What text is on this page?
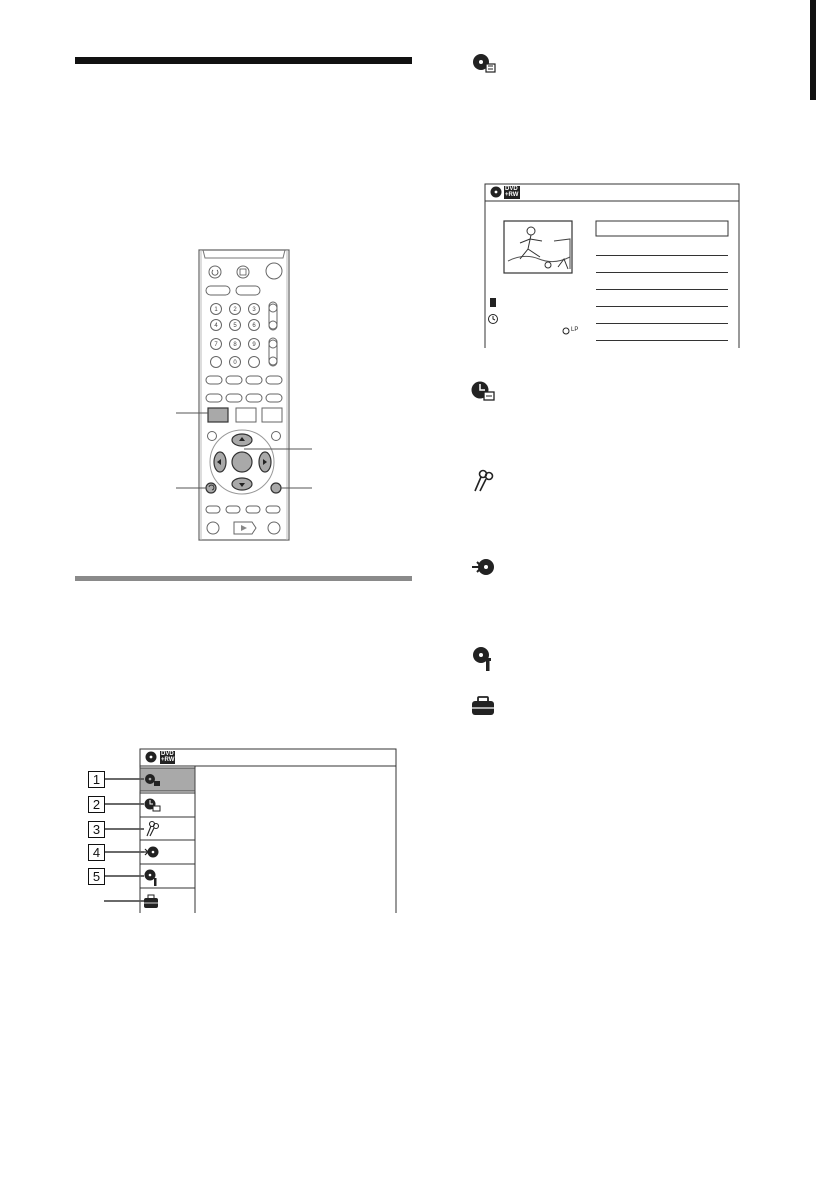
1	2	3
4	5	6
7	8	9
0
DVD
+RW
1
2
3
4
5
DVD
+RW
LP
